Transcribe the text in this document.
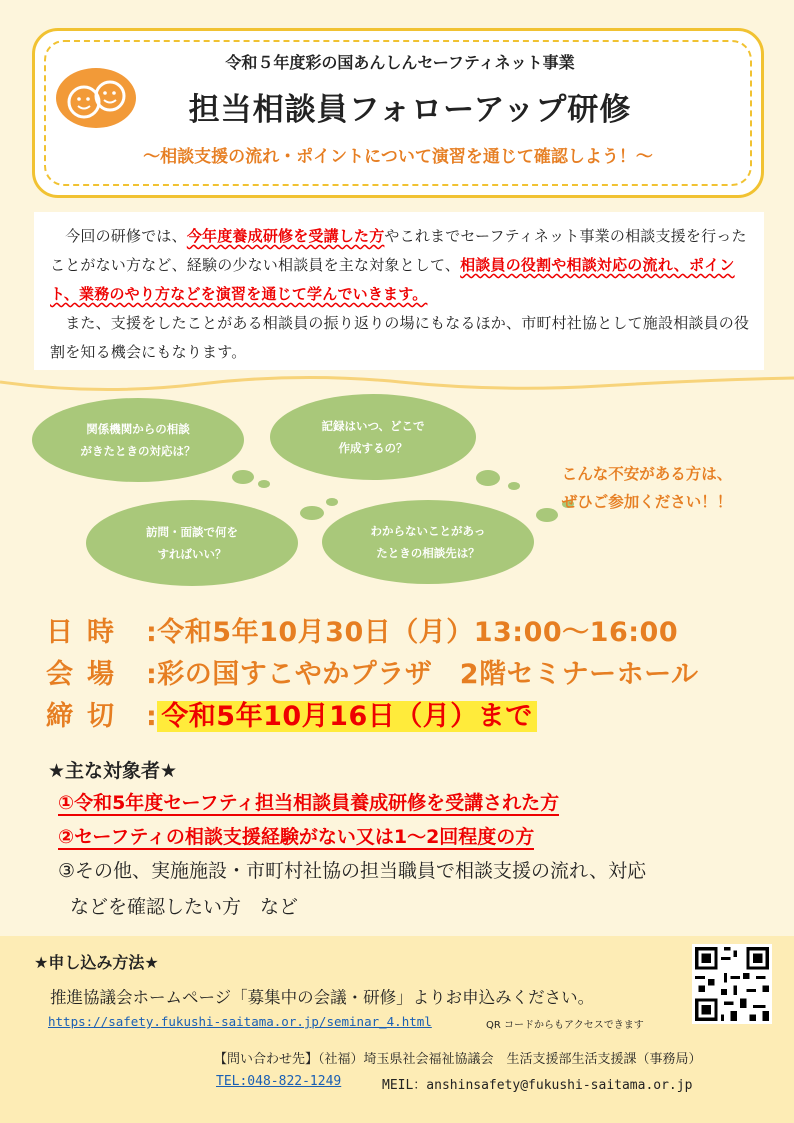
令和５年度彩の国あんしんセーフティネット事業
担当相談員フォローアップ研修
～相談支援の流れ・ポイントについて演習を通じて確認しよう！～

　今回の研修では、今年度養成研修を受講した方やこれまでセーフティネット事業の相談支援を行ったことがない方など、経験の少ない相談員を主な対象として、相談員の役割や相談対応の流れ、ポイント、業務のやり方などを演習を通じて学んでいきます。

　また、支援をしたことがある相談員の振り返りの場にもなるほか、市町村社協として施設相談員の役割を知る機会にもなります。

関係機関からの相談
がきたときの対応は？
記録はいつ、どこで
作成するの？
訪問・面談で何を
すればいい？
わからないことがあっ
たときの相談先は？
こんな不安がある方は、
ぜひご参加ください！！
日時 :令和5年10月30日（月）13:00～16:00
会場 :彩の国すこやかプラザ　2階セミナーホール
締切 : 令和5年10月16日（月）まで
★主な対象者★
①令和5年度セーフティ担当相談員養成研修を受講された方
②セーフティの相談支援経験がない又は1～2回程度の方
③その他、実施施設・市町村社協の担当職員で相談支援の流れ、対応
などを確認したい方　など
★申し込み方法★
推進協議会ホームページ「募集中の会議・研修」よりお申込みください。
https://safety.fukushi-saitama.or.jp/seminar_4.html	QR コードからもアクセスできます
【問い合わせ先】（社福）埼玉県社会福祉協議会　生活支援部生活支援課（事務局）
TEL:048-822-1249	MEIL：anshinsafety@fukushi-saitama.or.jp
